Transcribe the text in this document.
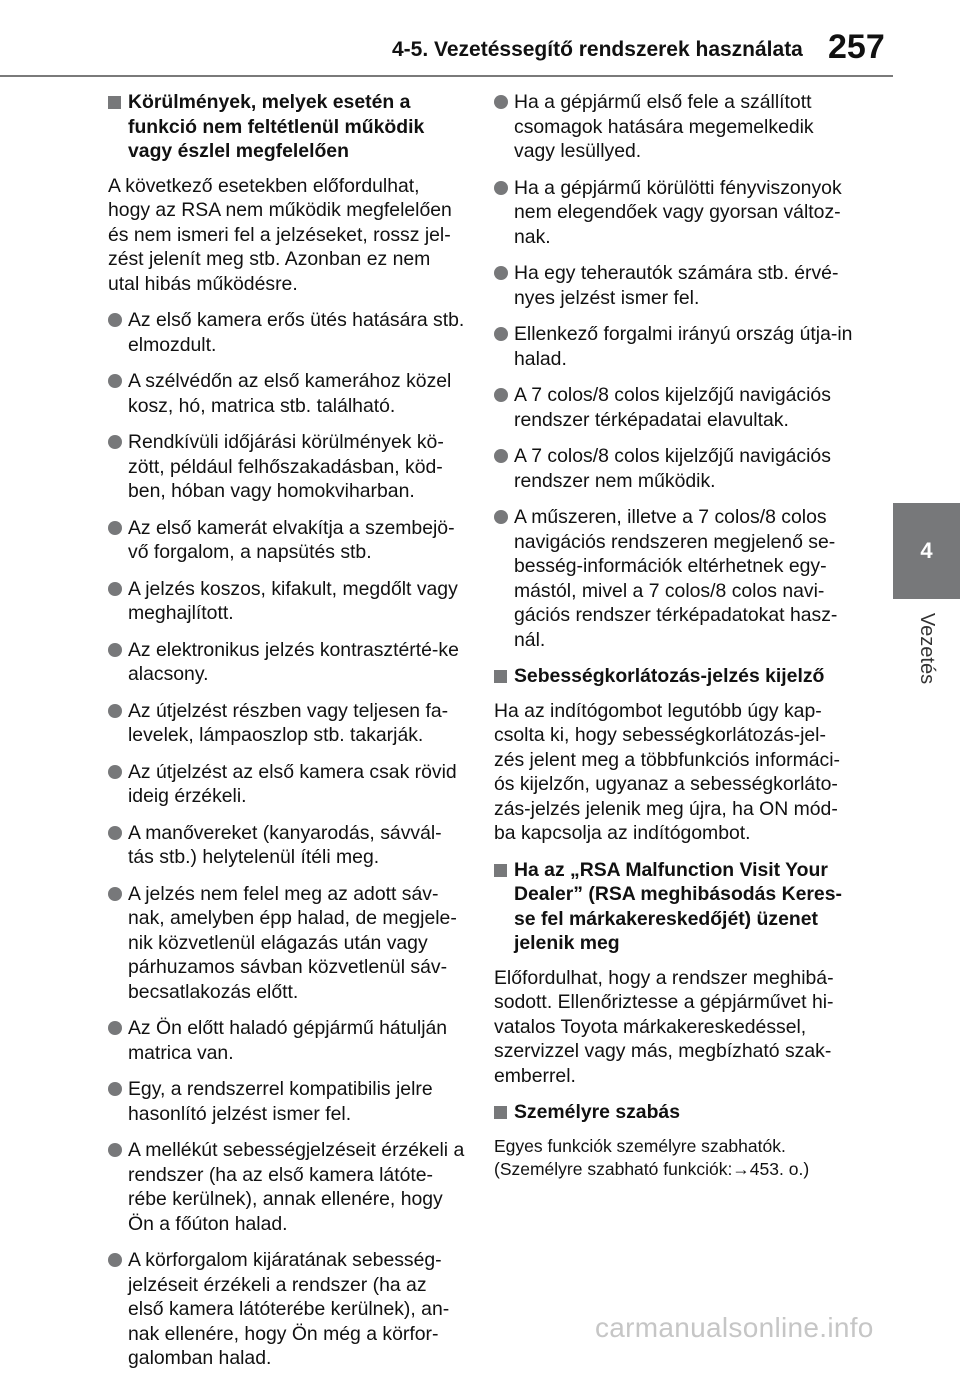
4-5. Vezetéssegítő rendszerek használata 257
4
Vezetés
Körülmények, melyek esetén a funkció nem feltétlenül működik vagy észlel megfelelően
A következő esetekben előfordulhat, hogy az RSA nem működik megfelelően és nem ismeri fel a jelzéseket, rossz jel-zést jelenít meg stb. Azonban ez nem utal hibás működésre.
Az első kamera erős ütés hatására stb. elmozdult.
A szélvédőn az első kamerához közel kosz, hó, matrica stb. található.
Rendkívüli időjárási körülmények kö-zött, például felhőszakadásban, köd-ben, hóban vagy homokviharban.
Az első kamerát elvakítja a szembejö-vő forgalom, a napsütés stb.
A jelzés koszos, kifakult, megdőlt vagy meghajlított.
Az elektronikus jelzés kontrasztérté-ke alacsony.
Az útjelzést részben vagy teljesen fa-levelek, lámpaoszlop stb. takarják.
Az útjelzést az első kamera csak rövid ideig érzékeli.
A manővereket (kanyarodás, sávvál-tás stb.) helytelenül ítéli meg.
A jelzés nem felel meg az adott sáv-nak, amelyben épp halad, de megjele-nik közvetlenül elágazás után vagy párhuzamos sávban közvetlenül sáv-becsatlakozás előtt.
Az Ön előtt haladó gépjármű hátulján matrica van.
Egy, a rendszerrel kompatibilis jelre hasonlító jelzést ismer fel.
A mellékút sebességjelzéseit érzékeli a rendszer (ha az első kamera látóte-rébe kerülnek), annak ellenére, hogy Ön a főúton halad.
A körforgalom kijáratának sebesség-jelzéseit érzékeli a rendszer (ha az első kamera látóterébe kerülnek), an-nak ellenére, hogy Ön még a körfor-galomban halad.
Ha a gépjármű első fele a szállított csomagok hatására megemelkedik vagy lesüllyed.
Ha a gépjármű körülötti fényviszonyok nem elegendőek vagy gyorsan változ-nak.
Ha egy teherautók számára stb. érvé-nyes jelzést ismer fel.
Ellenkező forgalmi irányú ország útja-in halad.
A 7 colos/8 colos kijelzőjű navigációs rendszer térképadatai elavultak.
A 7 colos/8 colos kijelzőjű navigációs rendszer nem működik.
A műszeren, illetve a 7 colos/8 colos navigációs rendszeren megjelenő se-besség-információk eltérhetnek egy-mástól, mivel a 7 colos/8 colos navi-gációs rendszer térképadatokat hasz-nál.
Sebességkorlátozás-jelzés kijelző
Ha az indítógombot legutóbb úgy kap-csolta ki, hogy sebességkorlátozás-jel-zés jelent meg a többfunkciós informáci-ós kijelzőn, ugyanaz a sebességkorláto-zás-jelzés jelenik meg újra, ha ON mód-ba kapcsolja az indítógombot.
Ha az „RSA Malfunction Visit Your Dealer” (RSA meghibásodás Keres-se fel márkakereskedőjét) üzenet jelenik meg
Előfordulhat, hogy a rendszer meghibá-sodott. Ellenőriztesse a gépjárművet hi-vatalos Toyota márkakereskedéssel, szervizzel vagy más, megbízható szak-emberrel.
Személyre szabás
Egyes funkciók személyre szabhatók.
(Személyre szabható funkciók:→453. o.)
carmanualsonline.info
